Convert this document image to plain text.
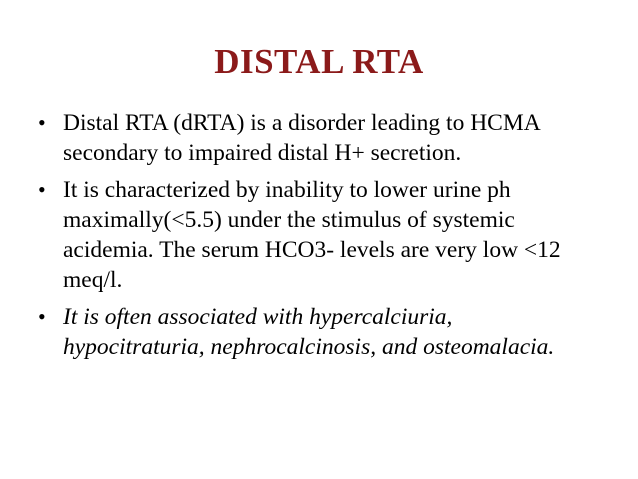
DISTAL RTA
• Distal RTA (dRTA) is a disorder leading to HCMA secondary to impaired distal H+ secretion.
• It is characterized by inability to lower urine ph maximally(<5.5) under the stimulus of systemic acidemia. The serum HCO3- levels are very low <12 meq/l.
• It is often associated with hypercalciuria, hypocitraturia, nephrocalcinosis, and osteomalacia.
